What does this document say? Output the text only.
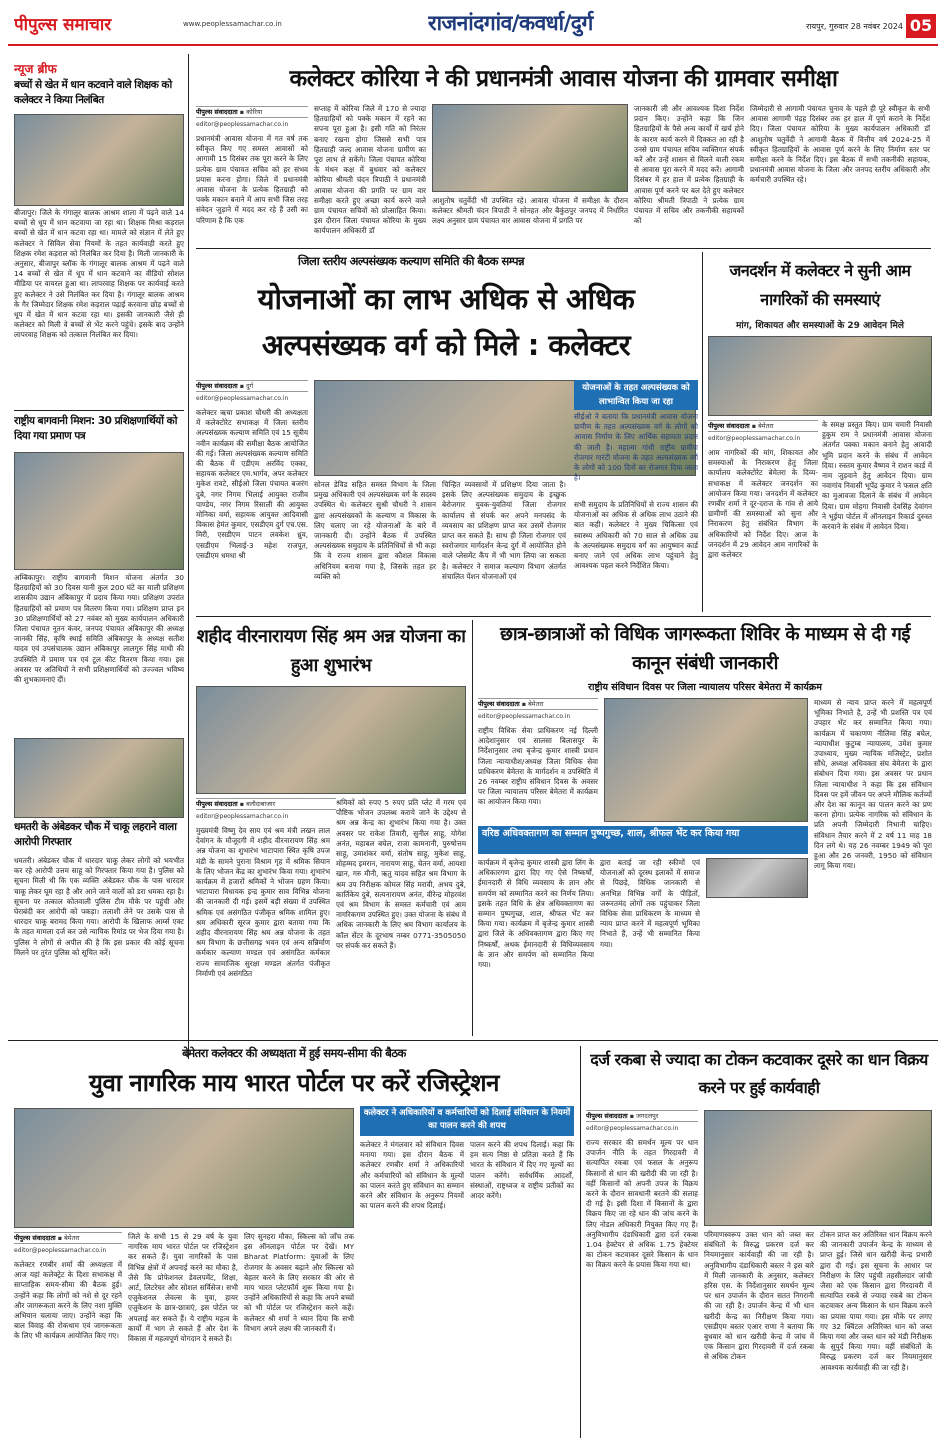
पीपुल्स समाचार	www.peoplessamachar.co.in	राजनांदगांव/कवर्धा/दुर्ग	रायपुर, गुरुवार 28 नवंबर 2024 05
न्यूज ब्रीफ
बच्चों से खेत में धान कटवाने वाले शिक्षक को कलेक्टर ने किया निलंबित
बीजापुर। जिले के गंगालूर बालक आश्रम शाला में पढ़ने वाले 14 बच्चों से धूप में धान कटवाया जा रहा था। शिक्षक मिश्रा कड़राल बच्चों से खेत में धान कटवा रहा था। मामले को संज्ञान में लेते हुए कलेक्टर ने सिविल सेवा नियमों के तहत कार्यवाही करते हुए शिक्षक रमेश कड़राल को निलंबित कर दिया है। मिली जानकारी के अनुसार, बीजापुर ब्लॉक के गंगालूर बालक आश्रम में पढ़ने वाले 14 बच्चों से खेत में धूप में धान कटवाने का वीडियो सोशल मीडिया पर वायरल हुआ था। लापरवाह शिक्षक पर कार्यवाई करते हुए कलेक्टर ने उसे निलंबित कर दिया है। गंगालूर बालक आश्रम के गैर जिम्मेदार शिक्षक रमेश कड़राल पढ़ाई करवाना छोड़ बच्चों से धूप में खेत में धान कटवा रहा था। इसकी जानकारी जैसे ही कलेक्टर को मिली वे बच्चों से भेंट करने पहुंचे। इसके बाद उन्होंने लापरवाह शिक्षक को तत्काल निलंबित कर दिया।
राष्ट्रीय बागवानी मिशन: 30 प्रशिक्षणार्थियों को दिया गया प्रमाण पत्र
अम्बिकापुर। राष्ट्रीय बागवानी मिशन योजना अंतर्गत 30 हितग्राहियों को 30 दिवस यानी कुल 200 घंटे का माली प्रशिक्षण शासकीय उद्यान अंबिकापुर में प्रदाय किया गया। प्रशिक्षण उपरांत हितग्राहियों को प्रमाण पत्र वितरण किया गया। प्रशिक्षण प्राप्त इन 30 प्रशिक्षणार्थियों को 27 नवंबर को मुख्य कार्यपालन अधिकारी जिला पंचायत नूतन कंवर, जनपद पंचायत अंबिकापुर की अध्यक्ष जानकी सिंह, कृषि स्थाई समिति अंबिकापुर के अध्यक्ष सतीश यादव एवं उपसंचालक उद्यान अंबिकापुर लालगुरु सिंह माथी की उपस्थिति में प्रमाण पत्र एवं टूल कीट वितरण किया गया। इस अवसर पर अतिथियों ने सभी प्रशिक्षणार्थियों को उज्ज्वल भविष्य की शुभकामनाएं दीं।
धमतरी के अंबेडकर चौक में चाकू लहराने वाला आरोपी गिरफ्तार
धमतरी। अंबेडकर चौक में धारदार चाकू लेकर लोगों को भयभीत कर रहे आरोपी उत्तम साहू को गिरफ्तार किया गया है। पुलिस को सूचना मिली थी कि एक व्यक्ति अंबेडकर चौक के पास धारदार चाकू लेकर घूम रहा है और आने जाने वालों को डरा धमका रहा है। सूचना पर तत्काल कोतवाली पुलिस टीम मौके पर पहुंची और घेराबंदी कर आरोपी को पकड़ा। तलाशी लेने पर उसके पास से धारदार चाकू बरामद किया गया। आरोपी के खिलाफ आर्म्स एक्ट के तहत मामला दर्ज कर उसे न्यायिक रिमांड पर भेज दिया गया है। पुलिस ने लोगों से अपील की है कि इस प्रकार की कोई सूचना मिलने पर तुरंत पुलिस को सूचित करें।
कलेक्टर कोरिया ने की प्रधानमंत्री आवास योजना की ग्रामवार समीक्षा
पीपुल्स संवाददाता ▪ कोरिया
editor@peoplessamachar.co.in
प्रधानमंत्री आवास योजना में गत वर्ष तक स्वीकृत किए गए समस्त आवासों को आगामी 15 दिसंबर तक पूरा करने के लिए प्रत्येक ग्राम पंचायत सचिव को हर संभव प्रयास करना होगा। जिले में प्रधानमंत्री आवास योजना के प्रत्येक हितग्राही को पक्के मकान बनाने में आप सभी जिस तरह संवेदन जुड़ाने में मदद कर रहे हैं उसी का परिणाम है कि एक
सप्ताह में कोरिया जिले में 170 से ज्यादा हितग्राहियों को पक्के मकान में रहने का सपना पूरा हुआ है। इसी गति को निरंतर बनाए रखना होगा जिससे सभी पात्र हितग्राही जल्द आवास योजना ग्रामीण का पूरा लाभ ले सकेंगे। जिला पंचायत कोरिया के मंथन कक्ष में बुधवार को कलेक्टर कोरिया श्रीमती चंदन त्रिपाठी ने प्रधानमंत्री आवास योजना की प्रगति पर ग्राम वार समीक्षा करते हुए अच्छा कार्य करने वाले ग्राम पंचायत सचिवों को प्रोत्साहित किया। इस दौरान जिला पंचायत कोरिया के मुख्य कार्यपालन अधिकारी डॉ
आशुतोष चतुर्वेदी भी उपस्थित रहे। आवास योजना में समीक्षा के दौरान कलेक्टर श्रीमती चंदन त्रिपाठी ने सोनहत और बैकुंठपुर जनपद में निर्धारित लक्ष्य अनुसार ग्राम पंचायत वार आवास योजना में प्रगति पर
जानकारी ली और आवश्यक दिशा निर्देश प्रदान किए। उन्होंने कहा कि जिन हितग्राहियों के पैसे अन्य कार्यों में खर्च होने के कारण कार्य करने में दिक्कत आ रही है उनसे ग्राम पंचायत सचिव व्यक्तिगत संपर्क करें और उन्हें शासन से मिलने वाली रकम से आवास पूरा करने में मदद करें। आगामी दिसंबर में हर हाल में प्रत्येक हितग्राही के आवास पूर्ण करने पर बल देते हुए कलेक्टर कोरिया श्रीमती त्रिपाठी ने प्रत्येक ग्राम पंचायत में सचिव और तकनीकी सहायकों को
जिम्मेदारी से आगामी पंचायत चुनाव के पहले ही पूरे स्वीकृत के सभी आवास आगामी पंद्रह दिसंबर तक हर हाल में पूर्ण कराने के निर्देश दिए। जिला पंचायत कोरिया के मुख्य कार्यपालन अधिकारी डॉ आशुतोष चतुर्वेदी ने आगामी बैठक में वित्तीय वर्ष 2024-25 में स्वीकृत हितग्राहियों के आवास पूर्ण करने के लिए निर्माण स्तर पर समीक्षा करने के निर्देश दिए। इस बैठक में सभी तकनीकी सहायक, प्रधानमंत्री आवास योजना के जिला और जनपद स्तरीय अधिकारी और कर्मचारी उपस्थित रहे।
जिला स्तरीय अल्पसंख्यक कल्याण समिति की बैठक सम्पन्न
योजनाओं का लाभ अधिक से अधिक अल्पसंख्यक वर्ग को मिले : कलेक्टर
पीपुल्स संवाददाता ▪ दुर्ग
editor@peoplessamachar.co.in
कलेक्टर ऋचा प्रकाश चौधरी की अध्यक्षता में कलेक्टोरेट सभाकक्ष में जिला स्तरीय अल्पसंख्यक कल्याण समिति एवं 15 सूत्रीय नवीन कार्यक्रम की समीक्षा बैठक आयोजित की गई। जिला अल्पसंख्यक कल्याण समिति की बैठक में एडीएम अरविंद एक्का, सहायक कलेक्टर एम.भार्गव, अपर कलेक्टर मुकेश रावटे, सीईओ जिला पंचायत बजरंग दुबे, नगर निगम भिलाई आयुक्त राजीव पाण्डेय, नगर निगम रिसाली की आयुक्त मोनिका वर्मा, सहायक आयुक्त आदिवासी विकास हेमंत कुमार, एसडीएम दुर्ग एच.एस. मिरी, एसडीएम पाटन लवकेश ध्रुव, एसडीएम भिलाई-3 महेश राजपूत, एसडीएम धमधा श्री
सोनल डेविड सहित समस्त विभाग के जिला प्रमुख अधिकारी एवं अल्पसंख्यक वर्ग के सदस्य उपस्थित थे। कलेक्टर सुश्री चौधरी ने शासन द्वारा अल्पसंख्यकों के कल्याण व विकास के लिए चलाए जा रहे योजनाओं के बारे में जानकारी दी। उन्होंने बैठक में उपस्थित अल्पसंख्यक समुदाय के प्रतिनिधियों से भी कहा कि वे राज्य शासन द्वारा कौशल विकास अधिनियम बनाया गया है, जिसके तहत हर व्यक्ति को
चिन्हित व्यवसायों में प्रशिक्षण दिया जाता है। इसके लिए अल्पसंख्यक समुदाय के इच्छुक बेरोजगार युवक-युवतियां जिला रोजगार कार्यालय से संपर्क कर अपने मनपसंद के व्यवसाय का प्रशिक्षण प्राप्त कर उसमें रोजगार प्राप्त कर सकते हैं। साथ ही जिला रोजगार एवं स्वरोजगार मार्गदर्शन केन्द्र दुर्ग में आयोजित होने वाले प्लेसमेंट कैंप में भी भाग लिया जा सकता है। कलेक्टर ने समाज कल्याण विभाग अंतर्गत संचालित पेंशन योजनाओं एवं
योजनाओं के तहत अल्पसंख्यक को लाभान्वित किया जा रहा
सीईओ ने बताया कि प्रधानमंत्री आवास योजना ग्रामीण के तहत अल्पसंख्यक वर्ग के लोगों को आवास निर्माण के लिए आर्थिक सहायता प्रदान की जाती है। महात्मा गांधी राष्ट्रीय ग्रामीण रोजगार गारंटी योजना के तहत अल्पसंख्यक वर्ग के लोगों को 100 दिनों का रोजगार दिया जाता है।
सभी समुदाय के प्रतिनिधियों से राज्य शासन की योजनाओं का अधिक से अधिक लाभ उठाने की बात कही। कलेक्टर ने मुख्य चिकित्सा एवं स्वास्थ्य अधिकारी को 70 साल से अधिक उम्र के अल्पसंख्यक समुदाय वर्ग का आयुष्मान कार्ड बनाए जाने एवं अधिक लाभ पहुंचाने हेतु आवश्यक पहल करने निर्देशित किया।
जनदर्शन में कलेक्टर ने सुनी आम नागरिकों की समस्याएं
मांग, शिकायत और समस्याओं के 29 आवेदन मिले
पीपुल्स संवाददाता ▪ बेमेतरा
editor@peoplessamachar.co.in
आम नागरिकों की मांग, शिकायत और समस्याओं के निराकरण हेतु जिला कार्यालय कलेक्टोरेट बेमेतरा के दिव्य-सभाकक्ष में कलेक्टर जनदर्शन का आयोजन किया गया। जनदर्शन में कलेक्टर रणबीर शर्मा ने दूर-दराज के गांव से आये ग्रामीणों की समस्याओं को सुना और निराकरण हेतु संबंधित विभाग के अधिकारियों को निर्देश दिए। आज के जनदर्शन में 29 आवेदन आम नागरिकों के द्वारा कलेक्टर
के समक्ष प्रस्तुत किए। ग्राम चमारी निवासी हुकुम राम ने प्रधानमंत्री आवास योजना अंतर्गत पक्का मकान बनाने हेतु आवादी भूमि प्रदान करने के संबंध में आवेदन दिया। रुस्तम कुमार वैष्णव ने राशन कार्ड में नाम जुड़वाने हेतु आवेदन दिया। ग्राम नवागांव निवासी भूपेंद्र कुमार ने फसल क्षति का मुआवजा दिलाने के संबंध में आवेदन दिया। ग्राम मोहगा निवासी देवसिंह देवांगन ने भूईया पोर्टल में ऑनलाइन रिकार्ड दुरुस्त करवाने के संबंध में आवेदन दिया।
शहीद वीरनारायण सिंह श्रम अन्न योजना का हुआ शुभारंभ
पीपुल्स संवाददाता ▪ बलौदाबाजार
editor@peoplessamachar.co.in
मुख्यमंत्री विष्णु देव साय एवं श्रम मंत्री लखन लाल देवांगन के मौजूदगी में शहीद वीरनारायण सिंह श्रम अन्न योजना का शुभारंभ भाटापारा स्थित कृषि उपज मंडी के सामने पुराना विश्राम गृह में श्रमिक सियान के लिए भोजन केंद्र का शुभारंभ किया गया। शुभारंभ कार्यक्रम में हजारों श्रमिकों ने भोजन ग्रहण किया। भाटापारा विधायक इन्द्र कुमार साव विभिन्न योजना की जानकारी दी गई। इसमें बड़ी संख्या में उपस्थित श्रमिक एवं असंगठित पंजीकृत श्रमिक शामिल हुए। श्रम अधिकारी सूरज कुमार द्वारा बताया गया कि शहीद वीरनारायण सिंह श्रम अन्न योजना के तहत श्रम विभाग के छत्तीसगढ़ भवन एवं अन्य सन्निर्माण कर्मकार कल्याण मण्डल एवं असंगठित कर्मकार राज्य सामाजिक सुरक्षा मण्डल अंतर्गत पंजीकृत निर्माणी एवं असंगठित
श्रमिकों को रुपए 5 रुपए प्रति प्लेट में गरम एवं पौष्टिक भोजन उपलब्ध कराये जाने के उद्देश्य से श्रम अन्न केन्द्र का शुभारंभ किया गया है। उक्त अवसर पर राकेश तिवारी, सुनील साहू, योगेश अनंत, महाबल बघेल, राजा कामनानी, पुरुषोत्तम साहू, उमाशंकर वर्मा, संतोष साहू, मुकेश साहू, मोहम्मद इमरान, नारायण साहू, चेतन वर्मा, आयशा खान, गरु मीनी, ऋतु यादव सहित श्रम विभाग के श्रम उप निरीक्षक कोमल सिंह मरावी, अभय दुबे, कार्तिकेय दुबे, सत्यनारायण अनंत, वीरेन्द्र मोहरवंश एवं श्रम विभाग के समस्त कर्मचारी एवं आम नागरिकगण उपस्थित हुए। उक्त योजना के संबंध में अधिक जानकारी के लिए श्रम विभाग कार्यालय के कॉल सेंटर के दूरभाष नम्बर 0771-3505050 पर संपर्क कर सकते हैं।
छात्र-छात्राओं को विधिक जागरूकता शिविर के माध्यम से दी गई कानून संबंधी जानकारी
राष्ट्रीय संविधान दिवस पर जिला न्यायालय परिसर बेमेतरा में कार्यक्रम
पीपुल्स संवाददाता ▪ बेमेतरा
editor@peoplessamachar.co.in
राष्ट्रीय विधिक सेवा प्राधिकरण नई दिल्ली आदेशानुसार एवं सालसा बिलासपुर के निर्देशानुसार तथा बृजेन्द्र कुमार शास्त्री प्रधान जिला न्यायाधीश/अध्यक्ष जिला विधिक सेवा प्राधिकरण बेमेतरा के मार्गदर्शन व उपस्थिति में 26 नवम्बर राष्ट्रीय संविधान दिवस के अवसर पर जिला न्यायालय परिसर बेमेतरा में कार्यक्रम का आयोजन किया गया।
वरिष्ठ अधिवक्तागण का सम्मान पुष्पगुच्छ, शाल, श्रीफल भेंट कर किया गया
कार्यक्रम में बृजेन्द्र कुमार शास्त्री द्वारा लिंग के अधिकारगण द्वारा दिए गए ऐसे निष्कर्षों, ईमानदारी से विधि व्यवसाय के ज्ञान और समर्पण को सम्मानित करने का निर्णय लिया। इसके तहत विधि के क्षेत्र अधिवक्तागण का सम्मान पुष्पगुच्छ, शाल, श्रीफल भेंट कर किया गया। कार्यक्रम में बृजेन्द्र कुमार शास्त्री द्वारा जिले के अधिवक्तागण द्वारा किए गए निष्कर्षों, अथक ईमानदारी से विधिव्यवसाय के ज्ञान और समर्पण को सम्मानित किया गया।
द्वारा बताई जा रही स्कीमों एवं योजनाओं को दूरस्थ इलाकों में समाज से पिछड़े, विधिक जानकारी से अनभिज्ञ विभिन्न वर्गों के पीड़ितों, जरूरतमंद लोगों तक पहुंचाकर जिला विधिक सेवा प्राधिकरण के माध्यम से न्याय प्राप्त करने में महत्वपूर्ण भूमिका निभाते हैं, उन्हें भी सम्मानित किया गया।
माध्यम से न्याय प्राप्त करने में महत्वपूर्ण भूमिका निभाते है, उन्हें भी प्रशस्ति पत्र एवं उपहार भेंट कर सम्मानित किया गया। कार्यक्रम में चकाणण नीलिमा सिंह बघेल, न्यायाधीश कुटुम्ब न्यायालय, उमेश कुमार उपाध्याय, मुख्य न्यायिक मजिस्ट्रेट, प्रशोत सौंधे, अध्यक्ष अधिवक्ता संघ बेमेतरा के द्वारा संबोधन दिया गया। इस अवसर पर प्रधान जिला न्यायाधीश ने कहा कि इस संविधान दिवस पर हमें जीवन पर अपने मौलिक कर्तव्यों और देश का कानून का पालन करने का प्रण करना होगा। प्रत्येक नागरिक को संविधान के प्रति अपनी जिम्मेदारी निभानी चाहिए। संविधान तैयार करने में 2 वर्ष 11 माह 18 दिन लगे थे। यह 26 नवम्बर 1949 को पूरा हुआ और 26 जनवरी, 1950 को संविधान लागू किया गया।
बेमेतरा कलेक्टर की अध्यक्षता में हुई समय-सीमा की बैठक
युवा नागरिक माय भारत पोर्टल पर करें रजिस्ट्रेशन
कलेक्टर ने अधिकारियों व कर्मचारियों को दिलाई संविधान के नियमों का पालन करने की शपथ
कलेक्टर ने मंगलवार को संविधान दिवस मनाया गया। इस दौरान बैठक में कलेक्टर रणबीर शर्मा ने अधिकारियों और कर्मचारियों को संविधान के मूल्यों का पालन करते हुए संविधान का सम्मान करने और संविधान के अनुरूप नियमों का पालन करने की शपथ दिलाई।
पालन करने की शपथ दिलाई। कहा कि हम सत्य निष्ठा से प्रतिज्ञा करते हैं कि भारत के संविधान में दिए गए मूल्यों का पालन करेंगे। सर्वधर्मिक आदर्शों, संस्थाओं, राष्ट्रध्वज व राष्ट्रीय प्रतीकों का आदर करेंगे।
पीपुल्स संवाददाता ▪ बेमेतरा
editor@peoplessamachar.co.in
कलेक्टर रणबीर शर्मा की अध्यक्षता में आज यहां कलेक्ट्रेट के दिशा सभाकक्ष में साप्ताहिक समय-सीमा की बैठक हुई। उन्होंने कहा कि लोगों को नशे से दूर रहने और जागरूकता करने के लिए नशा मुक्ति अभियान चलाया जाए। उन्होंने कहा कि बाल विवाह की रोकथाम एवं जागरूकता के लिए भी कार्यक्रम आयोजित किए गए।
जिले के सभी 15 से 29 वर्ष के युवा नागरिक माय भारत पोर्टल पर रजिस्ट्रेशन कर सकते हैं। युवा नागरिकों के पास विभिन्न क्षेत्रों में अपनाई करने का मौका है, जैसे कि प्रोफेशनल डेवलपमेंट, शिक्षा, आर्ट, लिटरेचर और सोशल सर्विसेज। सभी एजुकेशनल लेवल्स के युवा, हायर एजुकेशन के छात्र-छात्राएं, इस पोर्टल पर अपलाई कर सकते हैं। ये राष्ट्रीय महत्व के कार्यों में भाग ले सकते हैं और देश के विकास में महत्वपूर्ण योगदान दे सकते हैं।
लिए सुनहरा मौका, स्किल्स को जाँच तक इस ऑनलाइन पोर्टल पर देखें। MY Bharat Platform: युवाओं के लिए रोजगार के अवसर बढ़ाने और स्किल्स को बेहतर करने के लिए सरकार की ओर से माय भारत प्लेटफॉर्म शुरू किया गया है। उन्होंने अधिकारियों से कहा कि अपने बच्चों को भी पोर्टल पर रजिस्ट्रेशन करने कहें। कलेक्टर श्री शर्मा ने ध्यान दिया कि सभी विभाग अपने लक्ष्य की जानकारी दें।
दर्ज रकबा से ज्यादा का टोकन कटवाकर दूसरे का धान विक्रय करने पर हुई कार्यवाही
पीपुल्स संवाददाता ▪ जगदलपुर
editor@peoplessamachar.co.in
राज्य सरकार की समर्थन मूल्य पर धान उपार्जन नीति के तहत गिरदावरी में सत्यापित रकबा एवं फसल के अनुरूप किसानों से धान की खरीदी की जा रही है। वहीं किसानों को अपनी उपज के विक्रय करने के दौरान सावधानी बरतने की सलाह दी गई है। इसी दिशा में किसानों के द्वारा विक्रय किए जा रहे धान की जांच करने के लिए नोडल अधिकारी नियुक्त किए गए हैं। अनुविभागीय दंडाधिकारी द्वारा दर्ज रकबा 1.04 हेक्टेयर से अधिक 1.75 हेक्टेयर का टोकन कटवाकर दूसरे किसान के धान का विक्रय करने के प्रयास किया गया था।
परिमाणस्वरूप उक्त धान को जब्त कर संबंधितों के विरुद्ध प्रकरण दर्ज कर नियमानुसार कार्यवाही की जा रही है। अनुविभागीय दंडाधिकारी बस्तर ने इस बारे में मिली जानकारी के अनुसार, कलेक्टर हरिस एस. के निर्देशानुसार समर्थन मूल्य पर धान उपार्जन के दौरान सतत निगरानी की जा रही है। उपार्जन केन्द्र में भी धान खरीदी केन्द्र का निरीक्षण किया गया। एसडीएम बस्तर एआर राणा ने बताया कि बुधवार को धान खरीदी केन्द्र में जांच में एक किसान द्वारा गिरदावरी में दर्ज रकबा से अधिक टोकन
टोकन प्राप्त कर अतिरिक्त धान विक्रय करने की जानकारी उपार्जन केन्द्र के माध्यम से प्राप्त हुई। जिसे धान खरीदी केन्द्र प्रभारी द्वारा दी गई। इस सूचना के आधार पर निरीक्षण के लिए पहुंची तहसीलदार जांची जैसा को एक किसान द्वारा गिरदावरी में सत्यापित रकबे से ज्यादा रकबे का टोकन कटवाकर अन्य किसान के धान विक्रय करने का प्रयास पाया गया। इस मौके पर लगए गए 32 क्विंटल अतिरिक्त धान को जब्त किया गया और जब्त धान को मंडी निरीक्षक के सुपुर्द किया गया। वहीं संबंधितों के विरुद्ध प्रकरण दर्ज कर नियमानुसार आवश्यक कार्यवाही की जा रही है।
